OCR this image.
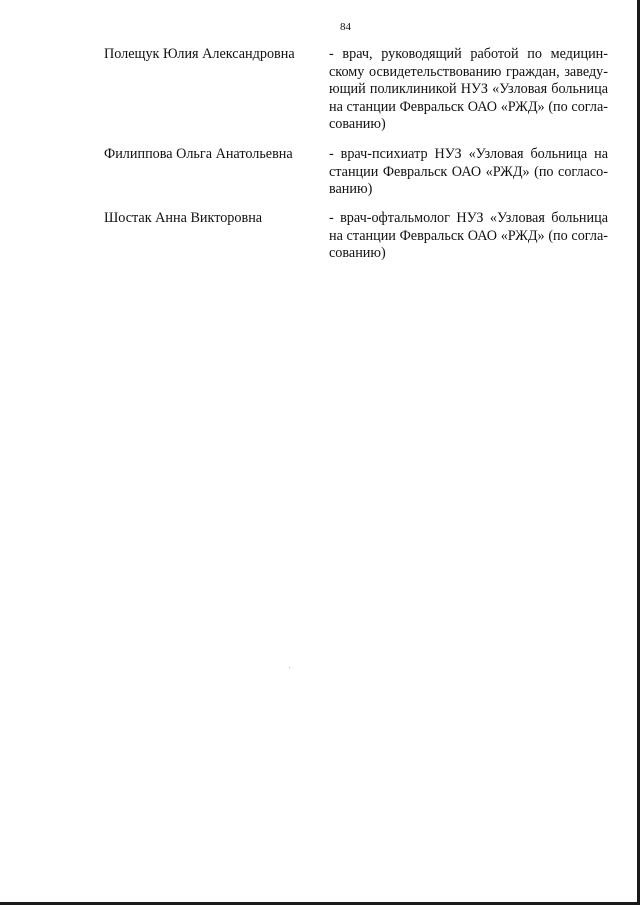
84
Полещук Юлия Александровна	- врач, руководящий работой по медицин-
скому освидетельствованию граждан, заведу-
ющий поликлиникой НУЗ «Узловая больница
на станции Февральск ОАО «РЖД» (по согла-
сованию)
Филиппова Ольга Анатольевна	- врач-психиатр НУЗ «Узловая больница на
станции Февральск ОАО «РЖД» (по согласо-
ванию)
Шостак Анна Викторовна	- врач-офтальмолог НУЗ «Узловая больница
на станции Февральск ОАО «РЖД» (по согла-
сованию)
